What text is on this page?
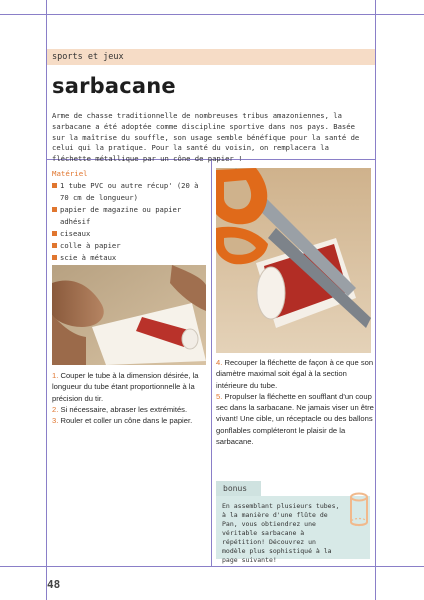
sports et jeux
sarbacane

Arme de chasse traditionnelle de nombreuses tribus amazoniennes, la sarbacane a été adoptée comme discipline sportive dans nos pays. Basée sur la maîtrise du souffle, son usage semble bénéfique pour la santé de celui qui la pratique. Pour la santé du voisin, on remplacera la fléchette métallique par un cône de papier !

Matériel
1 tube PVC ou autre récup' (20 à 70 cm de longueur)
papier de magazine ou papier adhésif
ciseaux
colle à papier
scie à métaux

1. Couper le tube à la dimension désirée, la longueur du tube étant proportionnelle à la précision du tir.

2. Si nécessaire, abraser les extrémités.

3. Rouler et coller un cône dans le papier.

4. Recouper la fléchette de façon à ce que son diamètre maximal soit égal à la section intérieure du tube.

5. Propulser la fléchette en soufflant d'un coup sec dans la sarbacane. Ne jamais viser un être vivant! Une cible, un réceptacle ou des ballons gonflables compléteront le plaisir de la sarbacane.

bonus
En assemblant plusieurs tubes, à la manière d'une flûte de Pan, vous obtiendrez une véritable sarbacane à répétition! Découvrez un modèle plus sophistiqué à la page suivante!
48
